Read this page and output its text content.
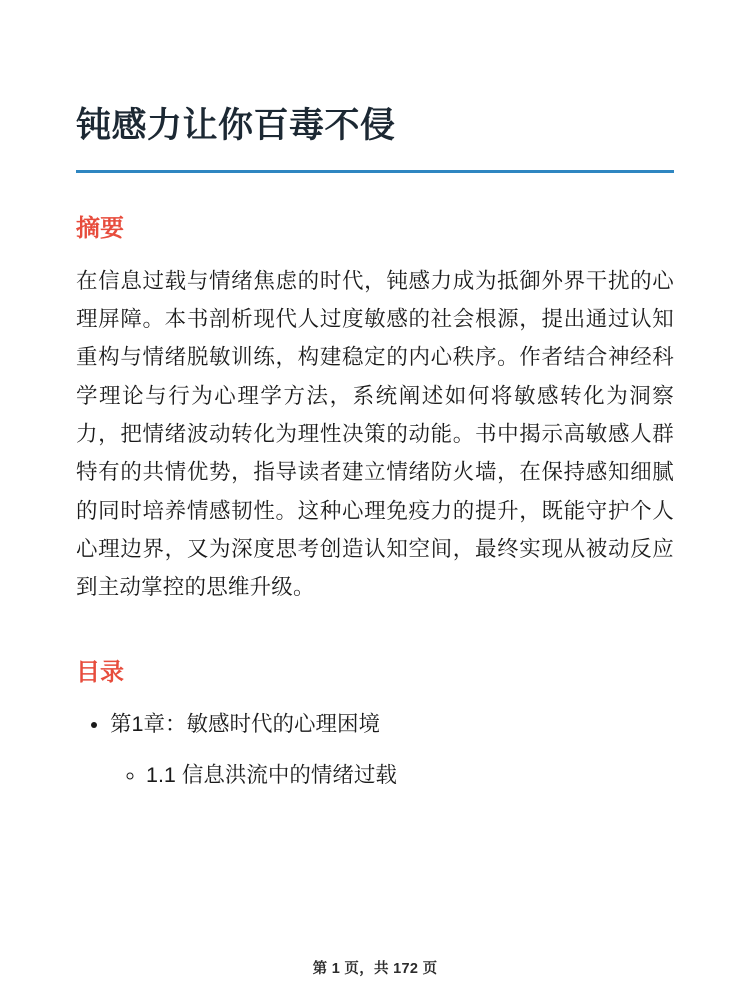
钝感力让你百毒不侵
摘要

在信息过载与情绪焦虑的时代，钝感力成为抵御外界干扰的心理屏障。本书剖析现代人过度敏感的社会根源，提出通过认知重构与情绪脱敏训练，构建稳定的内心秩序。作者结合神经科学理论与行为心理学方法，系统阐述如何将敏感转化为洞察力，把情绪波动转化为理性决策的动能。书中揭示高敏感人群特有的共情优势，指导读者建立情绪防火墙，在保持感知细腻的同时培养情感韧性。这种心理免疫力的提升，既能守护个人心理边界，又为深度思考创造认知空间，最终实现从被动反应到主动掌控的思维升级。

目录
• 第1章：敏感时代的心理困境
◦ 1.1 信息洪流中的情绪过载
第 1 页，共 172 页
